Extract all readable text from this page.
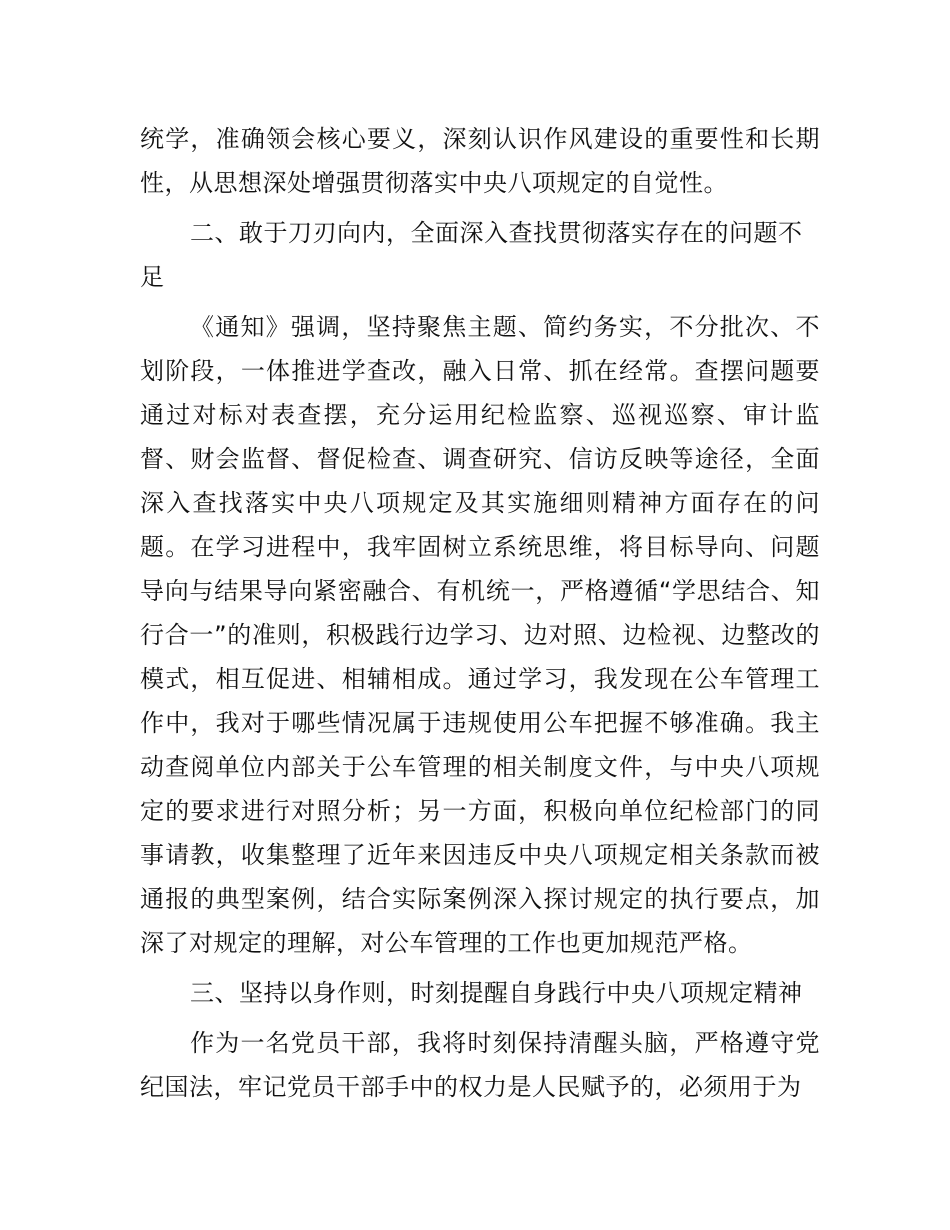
统学，准确领会核心要义，深刻认识作风建设的重要性和长期性，从思想深处增强贯彻落实中央八项规定的自觉性。

二、敢于刀刃向内，全面深入查找贯彻落实存在的问题不足

《通知》强调，坚持聚焦主题、简约务实，不分批次、不划阶段，一体推进学查改，融入日常、抓在经常。查摆问题要通过对标对表查摆，充分运用纪检监察、巡视巡察、审计监督、财会监督、督促检查、调查研究、信访反映等途径，全面深入查找落实中央八项规定及其实施细则精神方面存在的问题。在学习进程中，我牢固树立系统思维，将目标导向、问题导向与结果导向紧密融合、有机统一，严格遵循“学思结合、知行合一”的准则，积极践行边学习、边对照、边检视、边整改的模式，相互促进、相辅相成。通过学习，我发现在公车管理工作中，我对于哪些情况属于违规使用公车把握不够准确。我主动查阅单位内部关于公车管理的相关制度文件，与中央八项规定的要求进行对照分析；另一方面，积极向单位纪检部门的同事请教，收集整理了近年来因违反中央八项规定相关条款而被通报的典型案例，结合实际案例深入探讨规定的执行要点，加深了对规定的理解，对公车管理的工作也更加规范严格。

三、坚持以身作则，时刻提醒自身践行中央八项规定精神

作为一名党员干部，我将时刻保持清醒头脑，严格遵守党纪国法，牢记党员干部手中的权力是人民赋予的，必须用于为
